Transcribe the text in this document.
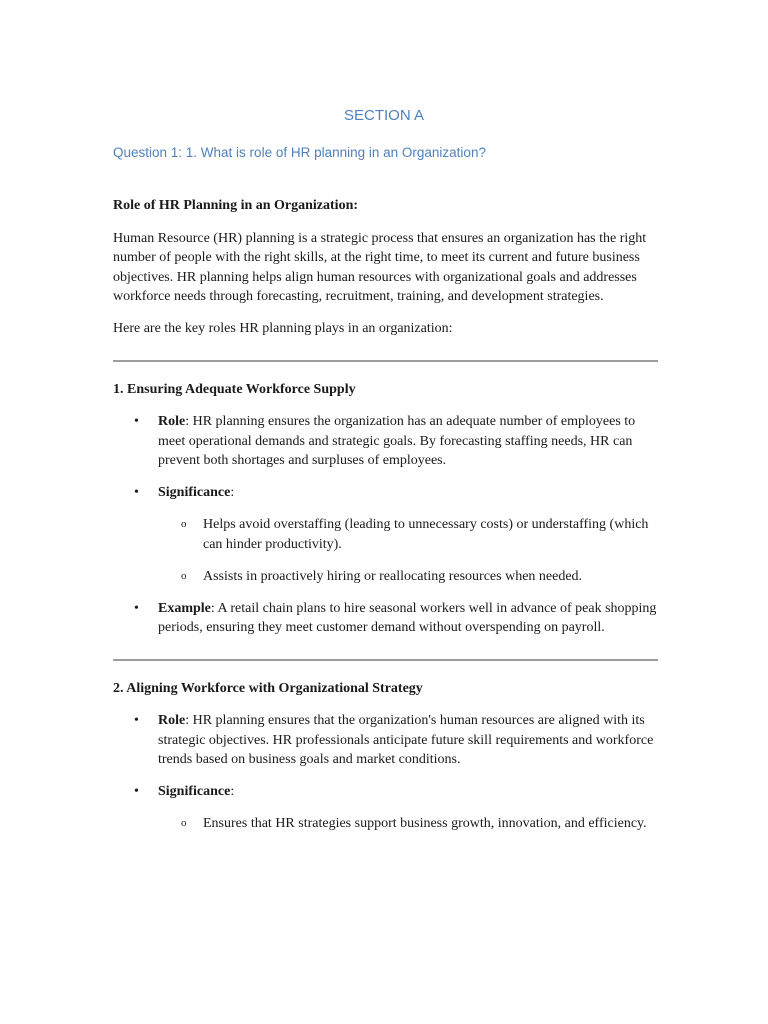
SECTION A
Question 1: 1. What is role of HR planning in an Organization?

Role of HR Planning in an Organization:

Human Resource (HR) planning is a strategic process that ensures an organization has the right number of people with the right skills, at the right time, to meet its current and future business objectives. HR planning helps align human resources with organizational goals and addresses workforce needs through forecasting, recruitment, training, and development strategies.

Here are the key roles HR planning plays in an organization:

1. Ensuring Adequate Workforce Supply

• Role: HR planning ensures the organization has an adequate number of employees to meet operational demands and strategic goals. By forecasting staffing needs, HR can prevent both shortages and surpluses of employees.
• Significance:
o Helps avoid overstaffing (leading to unnecessary costs) or understaffing (which can hinder productivity).
o Assists in proactively hiring or reallocating resources when needed.
• Example: A retail chain plans to hire seasonal workers well in advance of peak shopping periods, ensuring they meet customer demand without overspending on payroll.

2. Aligning Workforce with Organizational Strategy

• Role: HR planning ensures that the organization's human resources are aligned with its strategic objectives. HR professionals anticipate future skill requirements and workforce trends based on business goals and market conditions.
• Significance:
o Ensures that HR strategies support business growth, innovation, and efficiency.
